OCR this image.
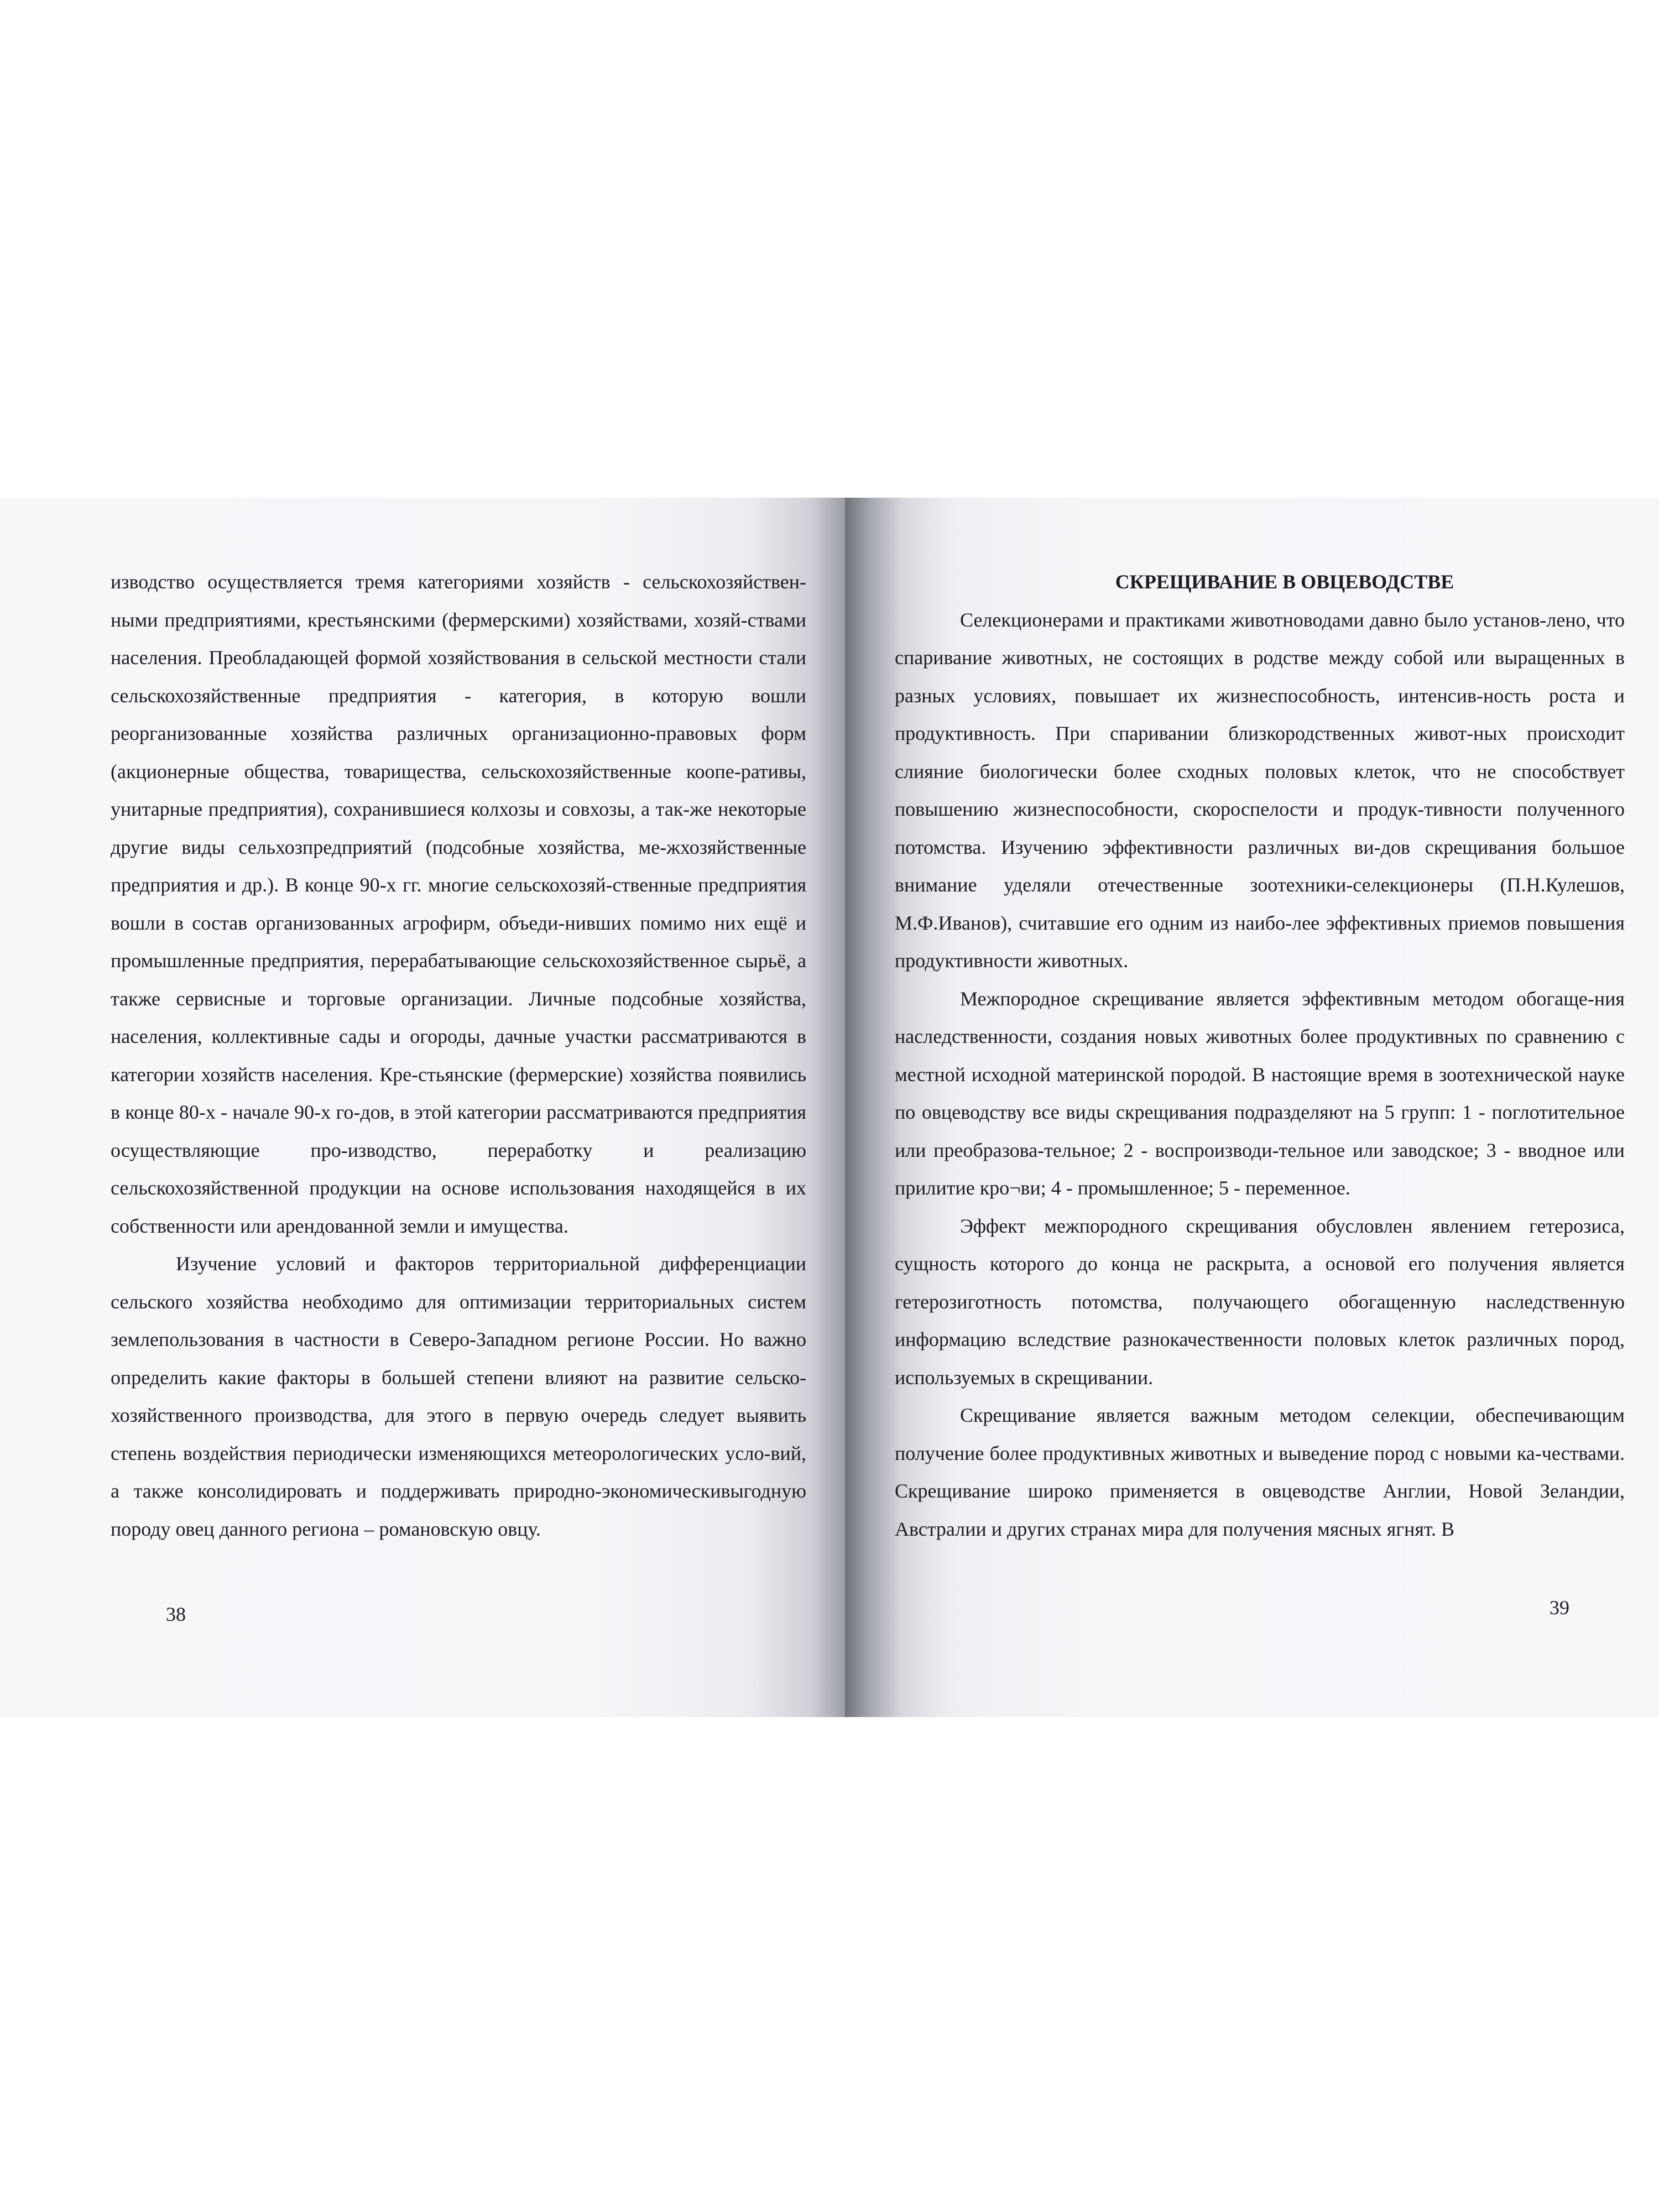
изводство осуществляется тремя категориями хозяйств - сельскохозяйствен-ными предприятиями, крестьянскими (фермерскими) хозяйствами, хозяй-ствами населения. Преобладающей формой хозяйствования в сельской местности стали сельскохозяйственные предприятия - категория, в которую вошли реорганизованные хозяйства различных организационно-правовых форм (акционерные общества, товарищества, сельскохозяйственные коопе-ративы, унитарные предприятия), сохранившиеся колхозы и совхозы, а так-же некоторые другие виды сельхозпредприятий (подсобные хозяйства, ме-жхозяйственные предприятия и др.). В конце 90-х гг. многие сельскохозяй-ственные предприятия вошли в состав организованных агрофирм, объеди-нивших помимо них ещё и промышленные предприятия, перерабатывающие сельскохозяйственное сырьё, а также сервисные и торговые организации. Личные подсобные хозяйства, населения, коллективные сады и огороды, дачные участки рассматриваются в категории хозяйств населения. Кре-стьянские (фермерские) хозяйства появились в конце 80-х - начале 90-х го-дов, в этой категории рассматриваются предприятия осуществляющие про-изводство, переработку и реализацию сельскохозяйственной продукции на основе использования находящейся в их собственности или арендованной земли и имущества.

Изучение условий и факторов территориальной дифференциации сельского хозяйства необходимо для оптимизации территориальных систем землепользования в частности в Северо-Западном регионе России. Но важно определить какие факторы в большей степени влияют на развитие сельско-хозяйственного производства, для этого в первую очередь следует выявить степень воздействия периодически изменяющихся метеорологических усло-вий, а также консолидировать и поддерживать природно-экономическивыгодную породу овец данного региона – романовскую овцу.

38

СКРЕЩИВАНИЕ В ОВЦЕВОДСТВЕ

Селекционерами и практиками животноводами давно было установ-лено, что спаривание животных, не состоящих в родстве между собой или выращенных в разных условиях, повышает их жизнеспособность, интенсив-ность роста и продуктивность. При спаривании близкородственных живот-ных происходит слияние биологически более сходных половых клеток, что не способствует повышению жизнеспособности, скороспелости и продук-тивности полученного потомства. Изучению эффективности различных ви-дов скрещивания большое внимание уделяли отечественные зоотехники-селекционеры (П.Н.Кулешов, М.Ф.Иванов), считавшие его одним из наибо-лее эффективных приемов повышения продуктивности животных.

Межпородное скрещивание является эффективным методом обогаще-ния наследственности, создания новых животных более продуктивных по сравнению с местной исходной материнской породой. В настоящие время в зоотехнической науке по овцеводству все виды скрещивания подразделяют на 5 групп: 1 - поглотительное или преобразова-тельное; 2 - воспроизводи-тельное или заводское; 3 - вводное или прилитие кро¬ви; 4 - промышленное; 5 - переменное.

Эффект межпородного скрещивания обусловлен явлением гетерозиса, сущность которого до конца не раскрыта, а основой его получения является гетерозиготность потомства, получающего обогащенную наследственную информацию вследствие разнокачественности половых клеток различных пород, используемых в скрещивании.

Скрещивание является важным методом селекции, обеспечивающим получение более продуктивных животных и выведение пород с новыми ка-чествами. Скрещивание широко применяется в овцеводстве Англии, Новой Зеландии, Австралии и других странах мира для получения мясных ягнят. В

39
